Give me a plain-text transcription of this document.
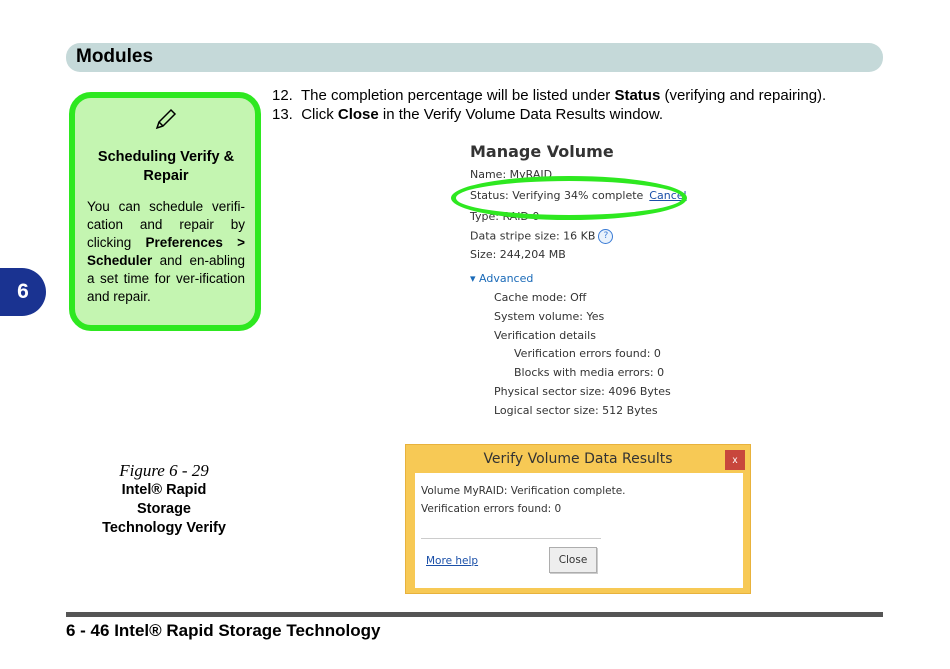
Modules
6
Scheduling Verify & Repair
You can schedule verifi-cation and repair by clicking Preferences > Scheduler and en-abling a set time for ver-ification and repair.
12. The completion percentage will be listed under Status (verifying and repairing).
13. Click Close in the Verify Volume Data Results window.
Manage Volume
Name: MyRAID
Status: Verifying 34% complete Cancel
Type: RAID 0
Data stripe size: 16 KB ?
Size: 244,204 MB
▾ Advanced
Cache mode: Off
System volume: Yes
Verification details
Verification errors found: 0
Blocks with media errors: 0
Physical sector size: 4096 Bytes
Logical sector size: 512 Bytes
Figure 6 - 29
Intel® Rapid Storage Technology Verify
Verify Volume Data Results	x
Volume MyRAID: Verification complete.
Verification errors found: 0
More help	Close
6 - 46 Intel® Rapid Storage Technology
